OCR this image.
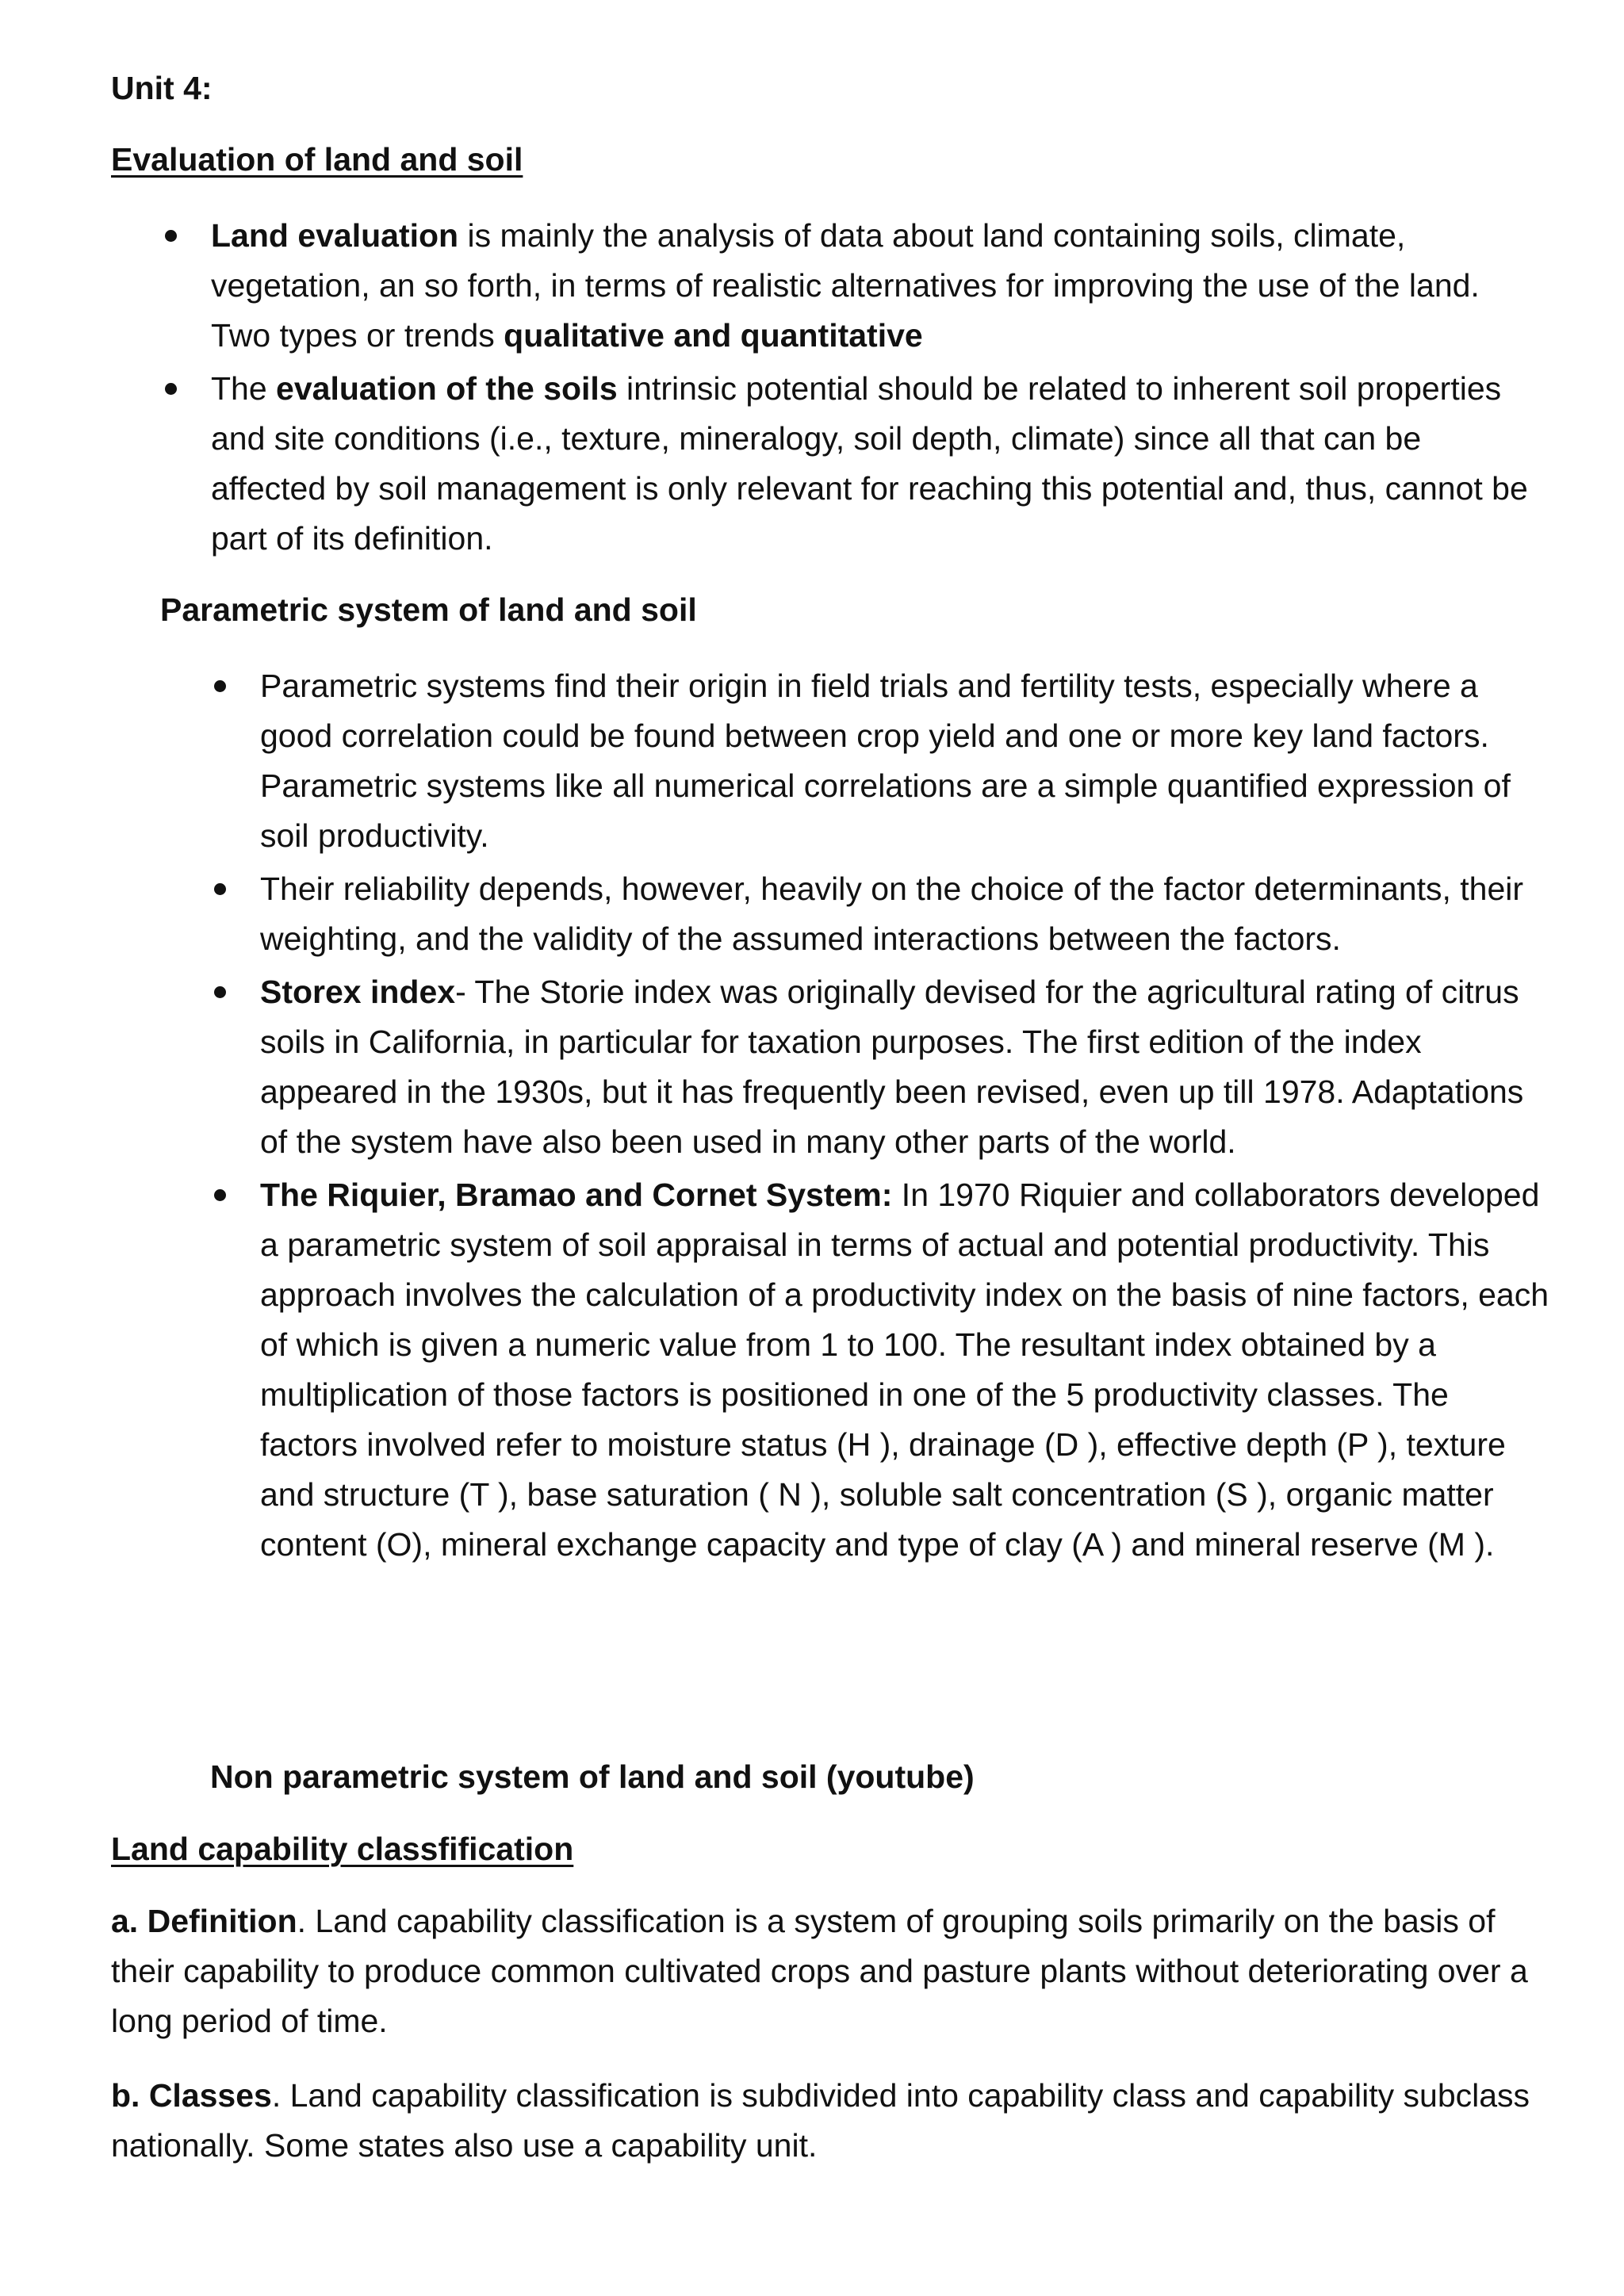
Unit 4:
Evaluation of land and soil
Land evaluation is mainly the analysis of data about land containing soils, climate, vegetation, an so forth, in terms of realistic alternatives for improving the use of the land. Two types or trends qualitative and quantitative
The evaluation of the soils intrinsic potential should be related to inherent soil properties and site conditions (i.e., texture, mineralogy, soil depth, climate) since all that can be affected by soil management is only relevant for reaching this potential and, thus, cannot be part of its definition.
Parametric system of land and soil
Parametric systems find their origin in field trials and fertility tests, especially where a good correlation could be found between crop yield and one or more key land factors. Parametric systems like all numerical correlations are a simple quantified expression of soil productivity.
Their reliability depends, however, heavily on the choice of the factor determinants, their weighting, and the validity of the assumed interactions between the factors.
Storex index- The Storie index was originally devised for the agricultural rating of citrus soils in California, in particular for taxation purposes. The first edition of the index appeared in the 1930s, but it has frequently been revised, even up till 1978. Adaptations of the system have also been used in many other parts of the world.
The Riquier, Bramao and Cornet System: In 1970 Riquier and collaborators developed a parametric system of soil appraisal in terms of actual and potential productivity. This approach involves the calculation of a productivity index on the basis of nine factors, each of which is given a numeric value from 1 to 100. The resultant index obtained by a multiplication of those factors is positioned in one of the 5 productivity classes. The factors involved refer to moisture status (H ), drainage (D ), effective depth (P ), texture and structure (T ), base saturation ( N ), soluble salt concentration (S ), organic matter content (O), mineral exchange capacity and type of clay (A ) and mineral reserve (M ).
Non parametric system of land and soil (youtube)
Land capability classfification

a. Definition. Land capability classification is a system of grouping soils primarily on the basis of their capability to produce common cultivated crops and pasture plants without deteriorating over a long period of time.

b. Classes. Land capability classification is subdivided into capability class and capability subclass nationally. Some states also use a capability unit.
